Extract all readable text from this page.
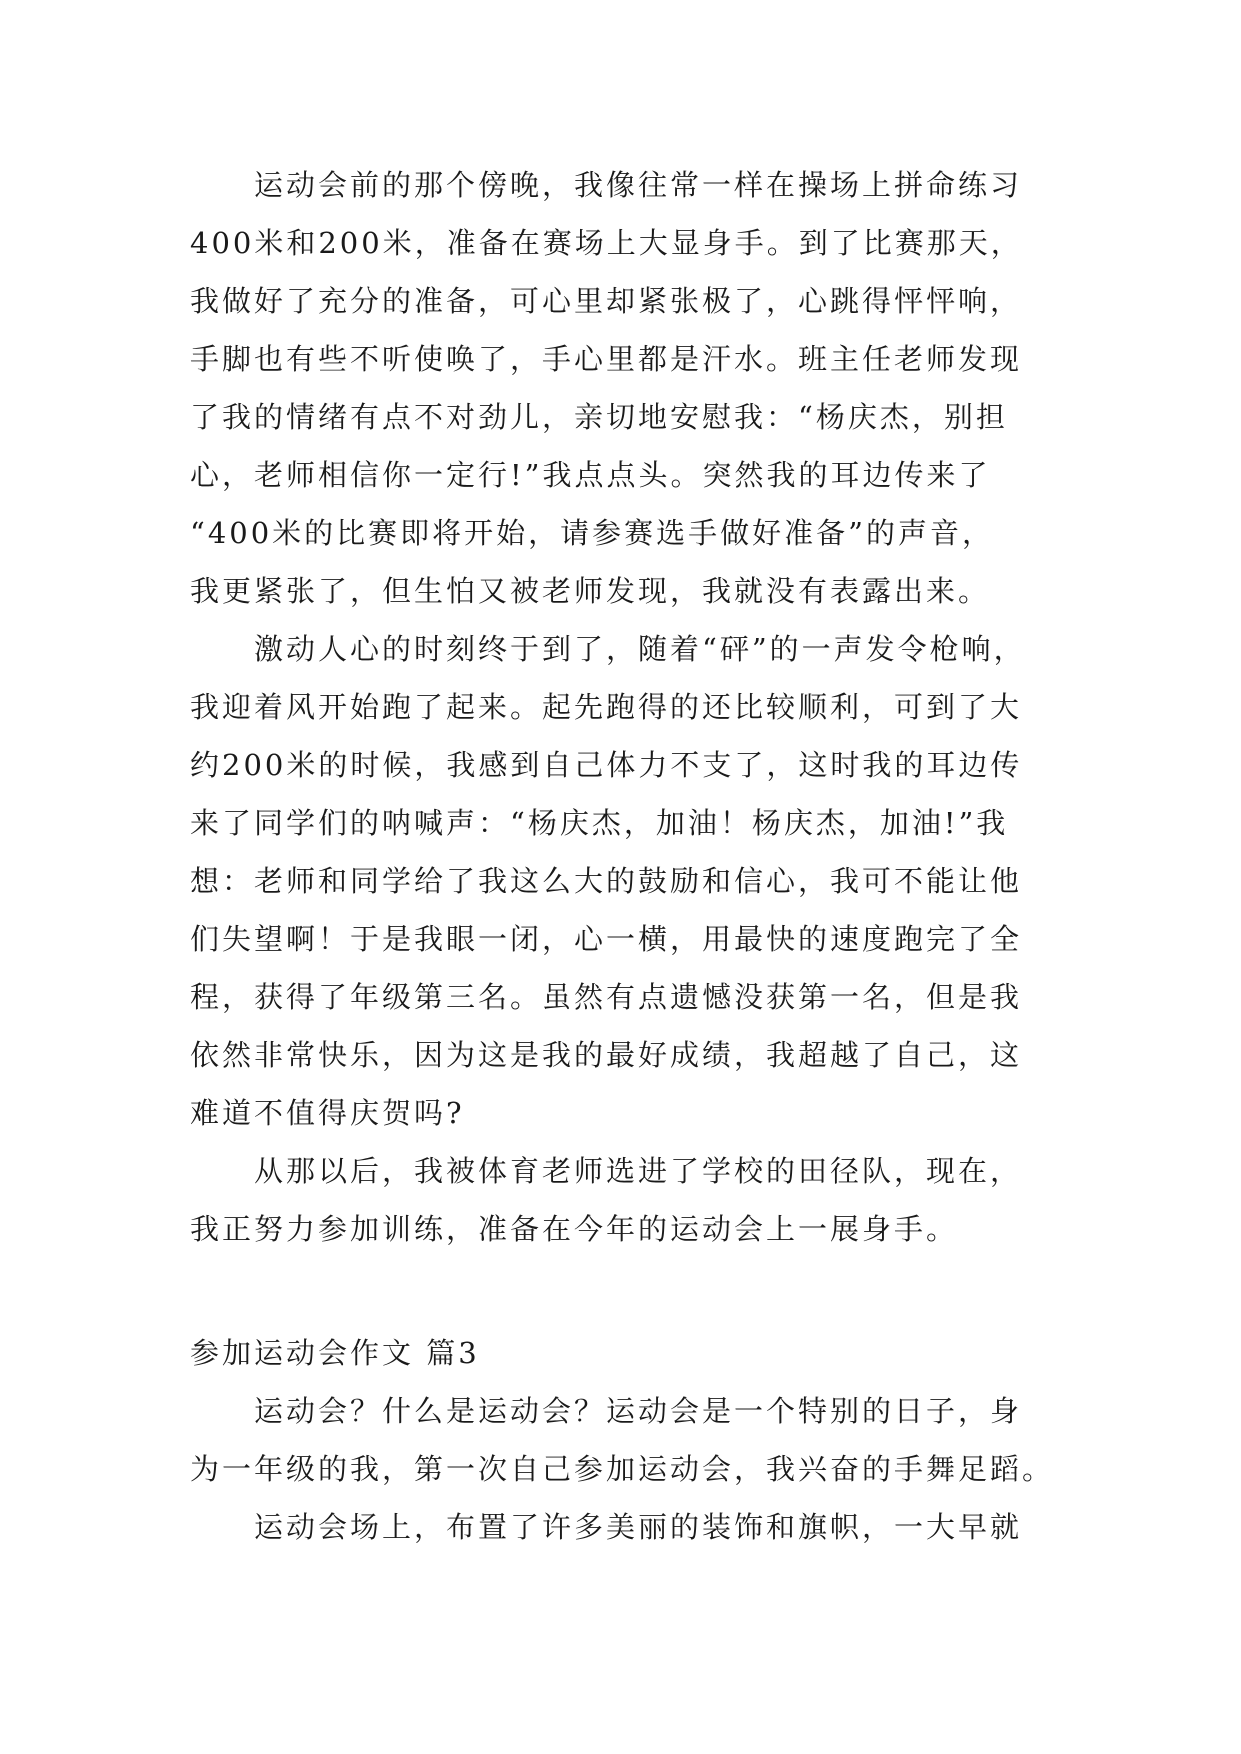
运动会前的那个傍晚，我像往常一样在操场上拼命练习
400米和200米，准备在赛场上大显身手。到了比赛那天，
我做好了充分的准备，可心里却紧张极了，心跳得怦怦响，
手脚也有些不听使唤了，手心里都是汗水。班主任老师发现
了我的情绪有点不对劲儿，亲切地安慰我：“杨庆杰，别担
心，老师相信你一定行!”我点点头。突然我的耳边传来了
“400米的比赛即将开始，请参赛选手做好准备”的声音，
我更紧张了，但生怕又被老师发现，我就没有表露出来。
激动人心的时刻终于到了，随着“砰”的一声发令枪响，
我迎着风开始跑了起来。起先跑得的还比较顺利，可到了大
约200米的时候，我感到自己体力不支了，这时我的耳边传
来了同学们的呐喊声：“杨庆杰，加油！杨庆杰，加油!”我
想：老师和同学给了我这么大的鼓励和信心，我可不能让他
们失望啊！于是我眼一闭，心一横，用最快的速度跑完了全
程，获得了年级第三名。虽然有点遗憾没获第一名，但是我
依然非常快乐，因为这是我的最好成绩，我超越了自己，这
难道不值得庆贺吗?
从那以后，我被体育老师选进了学校的田径队，现在，
我正努力参加训练，准备在今年的运动会上一展身手。
参加运动会作文 篇3
运动会？什么是运动会？运动会是一个特别的日子，身
为一年级的我，第一次自己参加运动会，我兴奋的手舞足蹈。
运动会场上，布置了许多美丽的装饰和旗帜，一大早就
